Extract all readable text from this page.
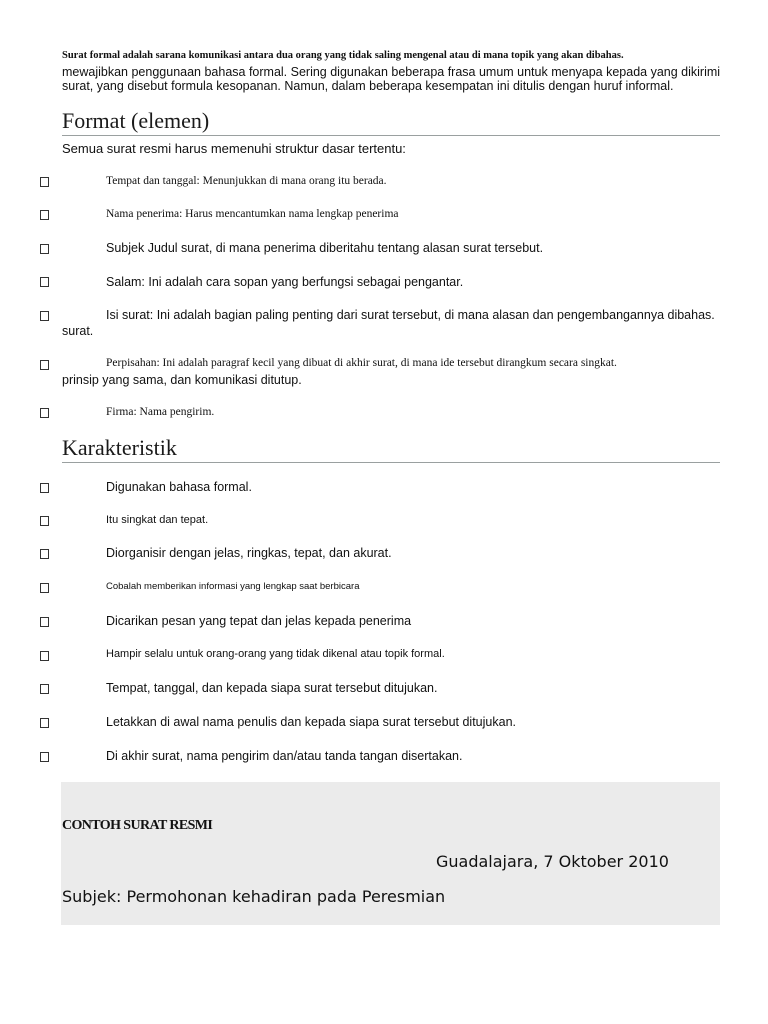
Surat formal adalah sarana komunikasi antara dua orang yang tidak saling mengenal atau di mana topik yang akan dibahas.
mewajibkan penggunaan bahasa formal. Sering digunakan beberapa frasa umum untuk menyapa kepada yang dikirimi surat, yang disebut formula kesopanan. Namun, dalam beberapa kesempatan ini ditulis dengan huruf informal.
Format (elemen)
Semua surat resmi harus memenuhi struktur dasar tertentu:
Tempat dan tanggal: Menunjukkan di mana orang itu berada.
Nama penerima: Harus mencantumkan nama lengkap penerima
Subjek Judul surat, di mana penerima diberitahu tentang alasan surat tersebut.
Salam: Ini adalah cara sopan yang berfungsi sebagai pengantar.
Isi surat: Ini adalah bagian paling penting dari surat tersebut, di mana alasan dan pengembangannya dibahas.
surat.
Perpisahan: Ini adalah paragraf kecil yang dibuat di akhir surat, di mana ide tersebut dirangkum secara singkat.
prinsip yang sama, dan komunikasi ditutup.
Firma: Nama pengirim.
Karakteristik
Digunakan bahasa formal.
Itu singkat dan tepat.
Diorganisir dengan jelas, ringkas, tepat, dan akurat.
Cobalah memberikan informasi yang lengkap saat berbicara
Dicarikan pesan yang tepat dan jelas kepada penerima
Hampir selalu untuk orang-orang yang tidak dikenal atau topik formal.
Tempat, tanggal, dan kepada siapa surat tersebut ditujukan.
Letakkan di awal nama penulis dan kepada siapa surat tersebut ditujukan.
Di akhir surat, nama pengirim dan/atau tanda tangan disertakan.
CONTOH SURAT RESMI
Guadalajara, 7 Oktober 2010
Subjek: Permohonan kehadiran pada Peresmian
